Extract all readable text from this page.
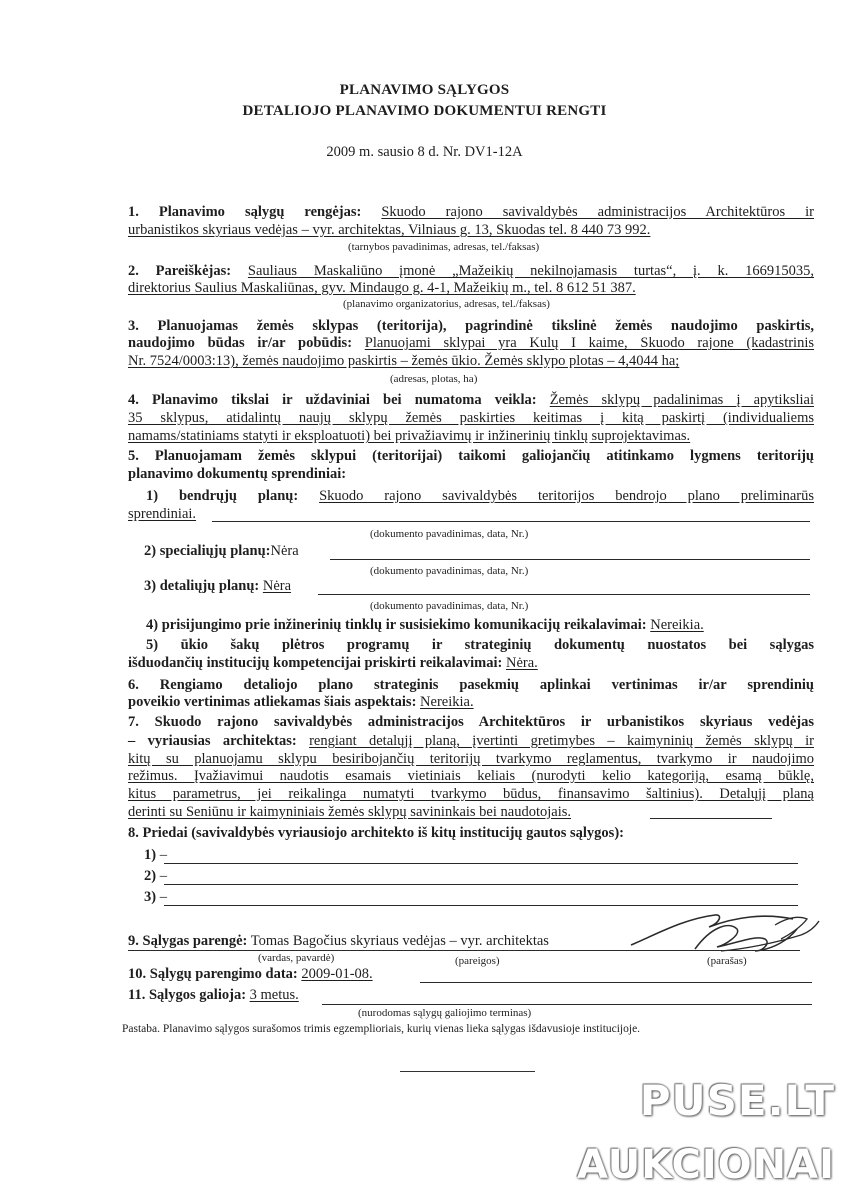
PLANAVIMO SĄLYGOS
DETALIOJO PLANAVIMO DOKUMENTUI RENGTI
2009 m. sausio 8 d. Nr. DV1-12A
1. Planavimo sąlygų rengėjas: Skuodo rajono savivaldybės administracijos Architektūros ir
urbanistikos skyriaus vedėjas – vyr. architektas, Vilniaus g. 13, Skuodas tel. 8 440 73 992.
(tarnybos pavadinimas, adresas, tel./faksas)
2. Pareiškėjas: Sauliaus Maskaliūno įmonė „Mažeikių nekilnojamasis turtas“, į. k. 166915035,
direktorius Saulius Maskaliūnas, gyv. Mindaugo g. 4-1, Mažeikių m., tel. 8 612 51 387.
(planavimo organizatorius, adresas, tel./faksas)
3. Planuojamas žemės sklypas (teritorija), pagrindinė tikslinė žemės naudojimo paskirtis,
naudojimo būdas ir/ar pobūdis: Planuojami sklypai yra Kulų I kaime, Skuodo rajone (kadastrinis
Nr. 7524/0003:13), žemės naudojimo paskirtis – žemės ūkio. Žemės sklypo plotas – 4,4044 ha;
(adresas, plotas, ha)
4. Planavimo tikslai ir uždaviniai bei numatoma veikla: Žemės sklypų padalinimas į apytiksliai
35 sklypus, atidalintų naujų sklypų žemės paskirties keitimas į kitą paskirtį (individualiems
namams/statiniams statyti ir eksploatuoti) bei privažiavimų ir inžinerinių tinklų suprojektavimas.
5. Planuojamam žemės sklypui (teritorijai) taikomi galiojančių atitinkamo lygmens teritorijų
planavimo dokumentų sprendiniai:
1) bendrųjų planų: Skuodo rajono savivaldybės teritorijos bendrojo plano preliminarūs
sprendiniai.
(dokumento pavadinimas, data, Nr.)
2) specialiųjų planų:Nėra
(dokumento pavadinimas, data, Nr.)
3) detaliųjų planų: Nėra
(dokumento pavadinimas, data, Nr.)
4) prisijungimo prie inžinerinių tinklų ir susisiekimo komunikacijų reikalavimai: Nereikia.
5) ūkio šakų plėtros programų ir strateginių dokumentų nuostatos bei sąlygas
išduodančių institucijų kompetencijai priskirti reikalavimai: Nėra.
6. Rengiamo detaliojo plano strateginis pasekmių aplinkai vertinimas ir/ar sprendinių
poveikio vertinimas atliekamas šiais aspektais: Nereikia.
7. Skuodo rajono savivaldybės administracijos Architektūros ir urbanistikos skyriaus vedėjas
– vyriausias architektas: rengiant detalųjį planą, įvertinti gretimybes – kaimyninių žemės sklypų ir
kitų su planuojamu sklypu besiribojančių teritorijų tvarkymo reglamentus, tvarkymo ir naudojimo
režimus. Įvažiavimui naudotis esamais vietiniais keliais (nurodyti kelio kategoriją, esamą būklę,
kitus parametrus, jei reikalinga numatyti tvarkymo būdus, finansavimo šaltinius). Detalųjį planą
derinti su Seniūnu ir kaimyniniais žemės sklypų savininkais bei naudotojais.
8. Priedai (savivaldybės vyriausiojo architekto iš kitų institucijų gautos sąlygos):
1) –
2) –
3) –
9. Sąlygas parengė: Tomas Bagočius skyriaus vedėjas – vyr. architektas
(vardas, pavardė)	(pareigos)	(parašas)
10. Sąlygų parengimo data: 2009-01-08.
11. Sąlygos galioja: 3 metus.
(nurodomas sąlygų galiojimo terminas)
Pastaba. Planavimo sąlygos surašomos trimis egzemplioriais, kurių vienas lieka sąlygas išdavusioje institucijoje.
PUSE.LT
AUKCIONAI
